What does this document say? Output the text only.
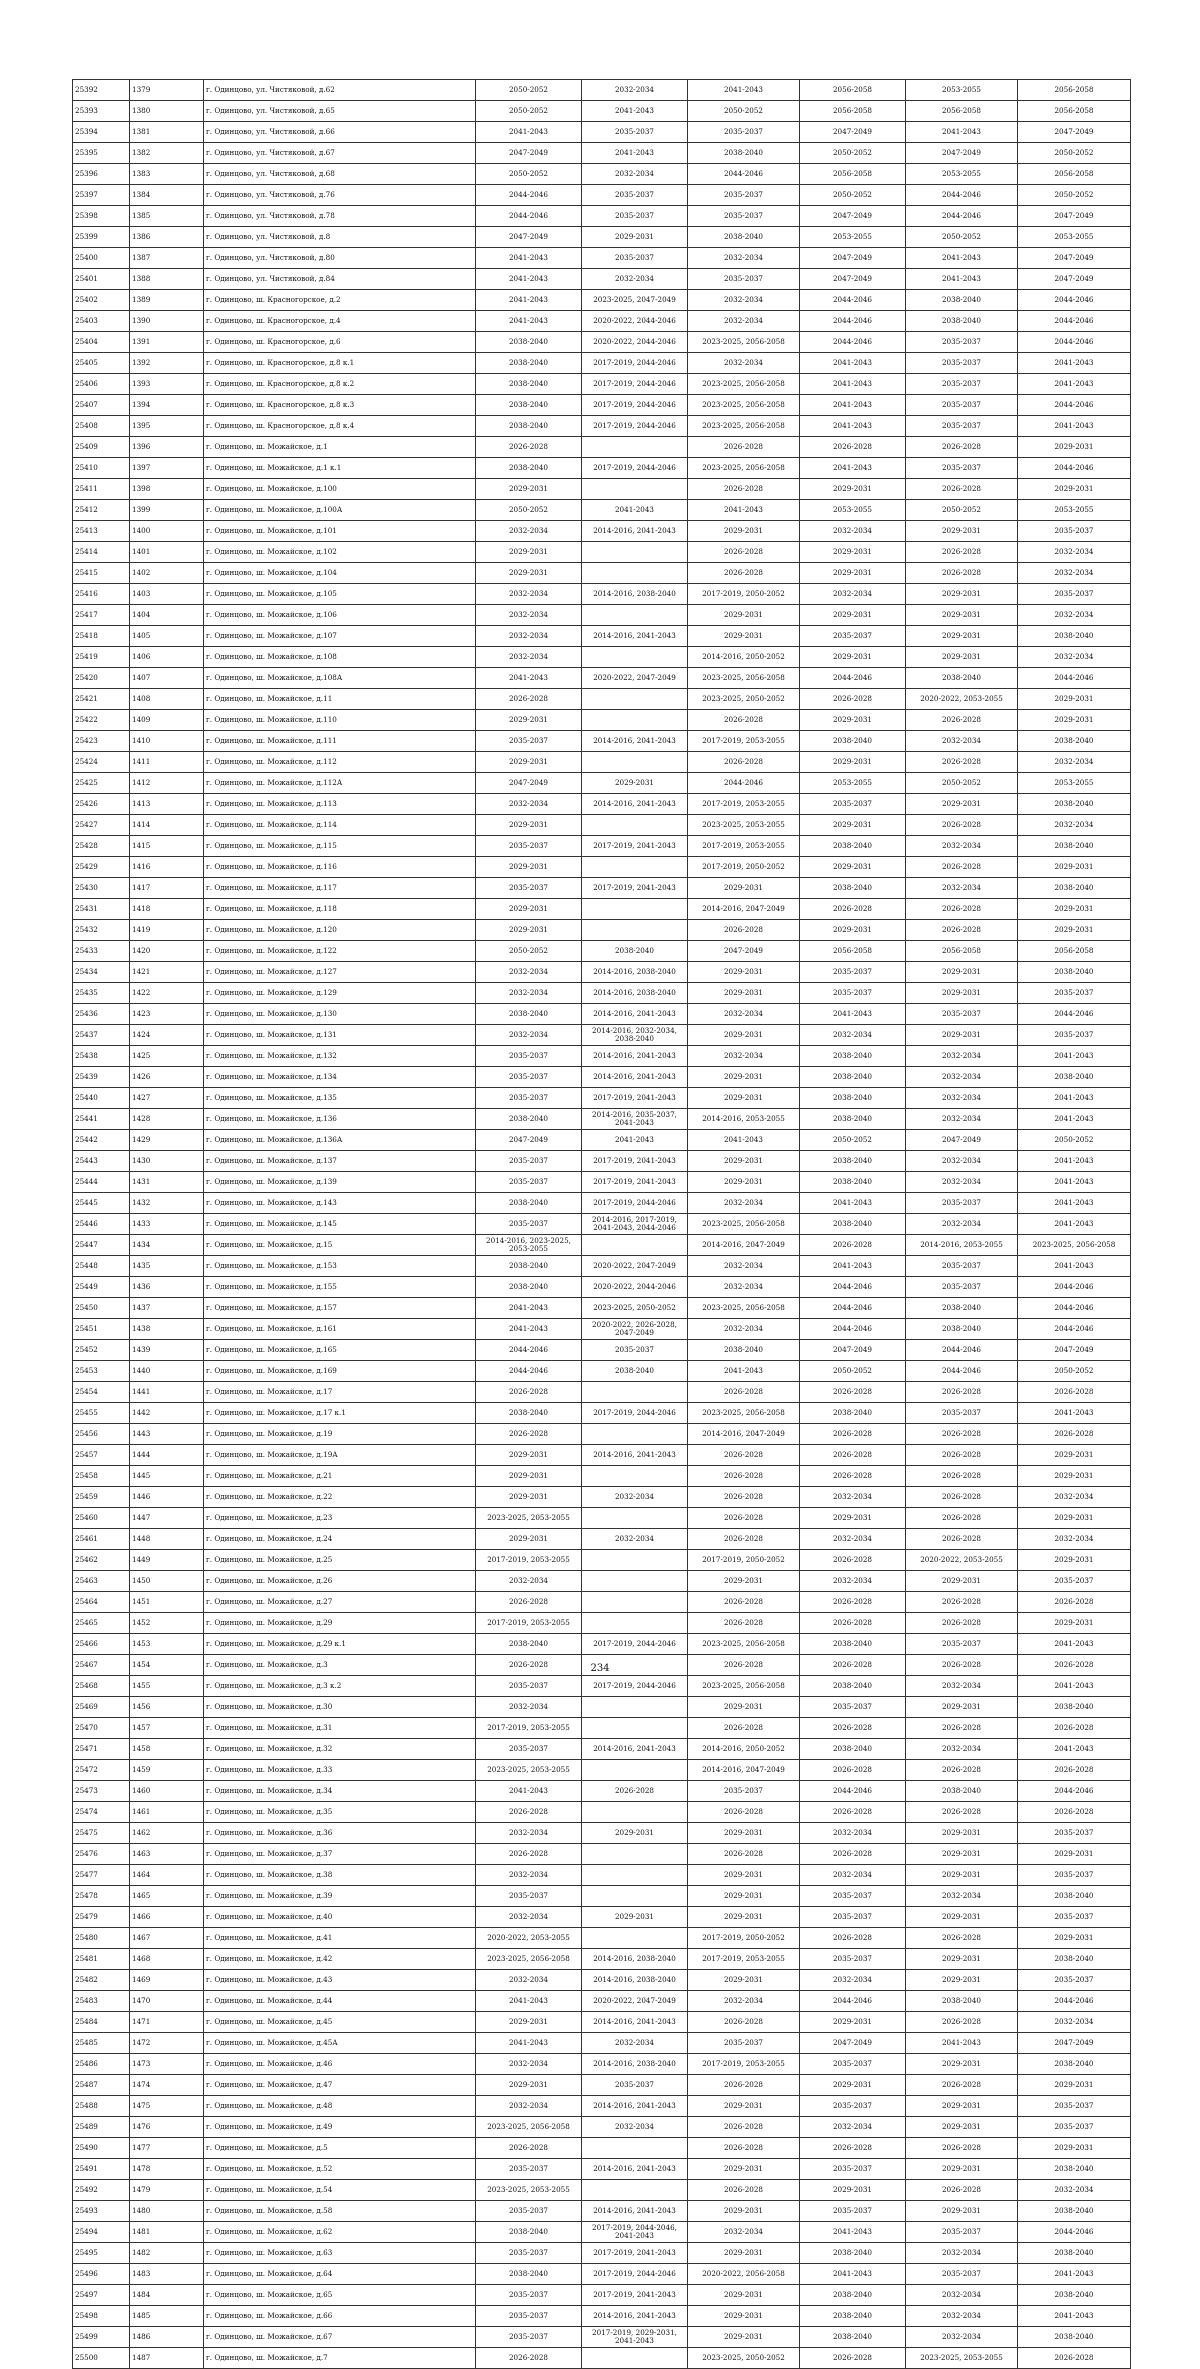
25392	1379	г. Одинцово, ул. Чистяковой, д.62	2050-2052	2032-2034	2041-2043	2056-2058	2053-2055	2056-2058
25393	1380	г. Одинцово, ул. Чистяковой, д.65	2050-2052	2041-2043	2050-2052	2056-2058	2056-2058	2056-2058
25394	1381	г. Одинцово, ул. Чистяковой, д.66	2041-2043	2035-2037	2035-2037	2047-2049	2041-2043	2047-2049
25395	1382	г. Одинцово, ул. Чистяковой, д.67	2047-2049	2041-2043	2038-2040	2050-2052	2047-2049	2050-2052
25396	1383	г. Одинцово, ул. Чистяковой, д.68	2050-2052	2032-2034	2044-2046	2056-2058	2053-2055	2056-2058
25397	1384	г. Одинцово, ул. Чистяковой, д.76	2044-2046	2035-2037	2035-2037	2050-2052	2044-2046	2050-2052
25398	1385	г. Одинцово, ул. Чистяковой, д.78	2044-2046	2035-2037	2035-2037	2047-2049	2044-2046	2047-2049
25399	1386	г. Одинцово, ул. Чистяковой, д.8	2047-2049	2029-2031	2038-2040	2053-2055	2050-2052	2053-2055
25400	1387	г. Одинцово, ул. Чистяковой, д.80	2041-2043	2035-2037	2032-2034	2047-2049	2041-2043	2047-2049
25401	1388	г. Одинцово, ул. Чистяковой, д.84	2041-2043	2032-2034	2035-2037	2047-2049	2041-2043	2047-2049
25402	1389	г. Одинцово, ш. Красногорское, д.2	2041-2043	2023-2025, 2047-2049	2032-2034	2044-2046	2038-2040	2044-2046
25403	1390	г. Одинцово, ш. Красногорское, д.4	2041-2043	2020-2022, 2044-2046	2032-2034	2044-2046	2038-2040	2044-2046
25404	1391	г. Одинцово, ш. Красногорское, д.6	2038-2040	2020-2022, 2044-2046	2023-2025, 2056-2058	2044-2046	2035-2037	2044-2046
25405	1392	г. Одинцово, ш. Красногорское, д.8 к.1	2038-2040	2017-2019, 2044-2046	2032-2034	2041-2043	2035-2037	2041-2043
25406	1393	г. Одинцово, ш. Красногорское, д.8 к.2	2038-2040	2017-2019, 2044-2046	2023-2025, 2056-2058	2041-2043	2035-2037	2041-2043
25407	1394	г. Одинцово, ш. Красногорское, д.8 к.3	2038-2040	2017-2019, 2044-2046	2023-2025, 2056-2058	2041-2043	2035-2037	2044-2046
25408	1395	г. Одинцово, ш. Красногорское, д.8 к.4	2038-2040	2017-2019, 2044-2046	2023-2025, 2056-2058	2041-2043	2035-2037	2041-2043
25409	1396	г. Одинцово, ш. Можайское, д.1	2026-2028		2026-2028	2026-2028	2026-2028	2029-2031
25410	1397	г. Одинцово, ш. Можайское, д.1 к.1	2038-2040	2017-2019, 2044-2046	2023-2025, 2056-2058	2041-2043	2035-2037	2044-2046
25411	1398	г. Одинцово, ш. Можайское, д.100	2029-2031		2026-2028	2029-2031	2026-2028	2029-2031
25412	1399	г. Одинцово, ш. Можайское, д.100А	2050-2052	2041-2043	2041-2043	2053-2055	2050-2052	2053-2055
25413	1400	г. Одинцово, ш. Можайское, д.101	2032-2034	2014-2016, 2041-2043	2029-2031	2032-2034	2029-2031	2035-2037
25414	1401	г. Одинцово, ш. Можайское, д.102	2029-2031		2026-2028	2029-2031	2026-2028	2032-2034
25415	1402	г. Одинцово, ш. Можайское, д.104	2029-2031		2026-2028	2029-2031	2026-2028	2032-2034
25416	1403	г. Одинцово, ш. Можайское, д.105	2032-2034	2014-2016, 2038-2040	2017-2019, 2050-2052	2032-2034	2029-2031	2035-2037
25417	1404	г. Одинцово, ш. Можайское, д.106	2032-2034		2029-2031	2029-2031	2029-2031	2032-2034
25418	1405	г. Одинцово, ш. Можайское, д.107	2032-2034	2014-2016, 2041-2043	2029-2031	2035-2037	2029-2031	2038-2040
25419	1406	г. Одинцово, ш. Можайское, д.108	2032-2034		2014-2016, 2050-2052	2029-2031	2029-2031	2032-2034
25420	1407	г. Одинцово, ш. Можайское, д.108А	2041-2043	2020-2022, 2047-2049	2023-2025, 2056-2058	2044-2046	2038-2040	2044-2046
25421	1408	г. Одинцово, ш. Можайское, д.11	2026-2028		2023-2025, 2050-2052	2026-2028	2020-2022, 2053-2055	2029-2031
25422	1409	г. Одинцово, ш. Можайское, д.110	2029-2031		2026-2028	2029-2031	2026-2028	2029-2031
25423	1410	г. Одинцово, ш. Можайское, д.111	2035-2037	2014-2016, 2041-2043	2017-2019, 2053-2055	2038-2040	2032-2034	2038-2040
25424	1411	г. Одинцово, ш. Можайское, д.112	2029-2031		2026-2028	2029-2031	2026-2028	2032-2034
25425	1412	г. Одинцово, ш. Можайское, д.112А	2047-2049	2029-2031	2044-2046	2053-2055	2050-2052	2053-2055
25426	1413	г. Одинцово, ш. Можайское, д.113	2032-2034	2014-2016, 2041-2043	2017-2019, 2053-2055	2035-2037	2029-2031	2038-2040
25427	1414	г. Одинцово, ш. Можайское, д.114	2029-2031		2023-2025, 2053-2055	2029-2031	2026-2028	2032-2034
25428	1415	г. Одинцово, ш. Можайское, д.115	2035-2037	2017-2019, 2041-2043	2017-2019, 2053-2055	2038-2040	2032-2034	2038-2040
25429	1416	г. Одинцово, ш. Можайское, д.116	2029-2031		2017-2019, 2050-2052	2029-2031	2026-2028	2029-2031
25430	1417	г. Одинцово, ш. Можайское, д.117	2035-2037	2017-2019, 2041-2043	2029-2031	2038-2040	2032-2034	2038-2040
25431	1418	г. Одинцово, ш. Можайское, д.118	2029-2031		2014-2016, 2047-2049	2026-2028	2026-2028	2029-2031
25432	1419	г. Одинцово, ш. Можайское, д.120	2029-2031		2026-2028	2029-2031	2026-2028	2029-2031
25433	1420	г. Одинцово, ш. Можайское, д.122	2050-2052	2038-2040	2047-2049	2056-2058	2056-2058	2056-2058
25434	1421	г. Одинцово, ш. Можайское, д.127	2032-2034	2014-2016, 2038-2040	2029-2031	2035-2037	2029-2031	2038-2040
25435	1422	г. Одинцово, ш. Можайское, д.129	2032-2034	2014-2016, 2038-2040	2029-2031	2035-2037	2029-2031	2035-2037
25436	1423	г. Одинцово, ш. Можайское, д.130	2038-2040	2014-2016, 2041-2043	2032-2034	2041-2043	2035-2037	2044-2046
25437	1424	г. Одинцово, ш. Можайское, д.131	2032-2034	2014-2016, 2032-2034, 2038-2040	2029-2031	2032-2034	2029-2031	2035-2037
25438	1425	г. Одинцово, ш. Можайское, д.132	2035-2037	2014-2016, 2041-2043	2032-2034	2038-2040	2032-2034	2041-2043
25439	1426	г. Одинцово, ш. Можайское, д.134	2035-2037	2014-2016, 2041-2043	2029-2031	2038-2040	2032-2034	2038-2040
25440	1427	г. Одинцово, ш. Можайское, д.135	2035-2037	2017-2019, 2041-2043	2029-2031	2038-2040	2032-2034	2041-2043
25441	1428	г. Одинцово, ш. Можайское, д.136	2038-2040	2014-2016, 2035-2037, 2041-2043	2014-2016, 2053-2055	2038-2040	2032-2034	2041-2043
25442	1429	г. Одинцово, ш. Можайское, д.136А	2047-2049	2041-2043	2041-2043	2050-2052	2047-2049	2050-2052
25443	1430	г. Одинцово, ш. Можайское, д.137	2035-2037	2017-2019, 2041-2043	2029-2031	2038-2040	2032-2034	2041-2043
25444	1431	г. Одинцово, ш. Можайское, д.139	2035-2037	2017-2019, 2041-2043	2029-2031	2038-2040	2032-2034	2041-2043
25445	1432	г. Одинцово, ш. Можайское, д.143	2038-2040	2017-2019, 2044-2046	2032-2034	2041-2043	2035-2037	2041-2043
25446	1433	г. Одинцово, ш. Можайское, д.145	2035-2037	2014-2016, 2017-2019, 2041-2043, 2044-2046	2023-2025, 2056-2058	2038-2040	2032-2034	2041-2043
25447	1434	г. Одинцово, ш. Можайское, д.15	2014-2016, 2023-2025, 2053-2055		2014-2016, 2047-2049	2026-2028	2014-2016, 2053-2055	2023-2025, 2056-2058
25448	1435	г. Одинцово, ш. Можайское, д.153	2038-2040	2020-2022, 2047-2049	2032-2034	2041-2043	2035-2037	2041-2043
25449	1436	г. Одинцово, ш. Можайское, д.155	2038-2040	2020-2022, 2044-2046	2032-2034	2044-2046	2035-2037	2044-2046
25450	1437	г. Одинцово, ш. Можайское, д.157	2041-2043	2023-2025, 2050-2052	2023-2025, 2056-2058	2044-2046	2038-2040	2044-2046
25451	1438	г. Одинцово, ш. Можайское, д.161	2041-2043	2020-2022, 2026-2028, 2047-2049	2032-2034	2044-2046	2038-2040	2044-2046
25452	1439	г. Одинцово, ш. Можайское, д.165	2044-2046	2035-2037	2038-2040	2047-2049	2044-2046	2047-2049
25453	1440	г. Одинцово, ш. Можайское, д.169	2044-2046	2038-2040	2041-2043	2050-2052	2044-2046	2050-2052
25454	1441	г. Одинцово, ш. Можайское, д.17	2026-2028		2026-2028	2026-2028	2026-2028	2026-2028
25455	1442	г. Одинцово, ш. Можайское, д.17 к.1	2038-2040	2017-2019, 2044-2046	2023-2025, 2056-2058	2038-2040	2035-2037	2041-2043
25456	1443	г. Одинцово, ш. Можайское, д.19	2026-2028		2014-2016, 2047-2049	2026-2028	2026-2028	2026-2028
25457	1444	г. Одинцово, ш. Можайское, д.19А	2029-2031	2014-2016, 2041-2043	2026-2028	2026-2028	2026-2028	2029-2031
25458	1445	г. Одинцово, ш. Можайское, д.21	2029-2031		2026-2028	2026-2028	2026-2028	2029-2031
25459	1446	г. Одинцово, ш. Можайское, д.22	2029-2031	2032-2034	2026-2028	2032-2034	2026-2028	2032-2034
25460	1447	г. Одинцово, ш. Можайское, д.23	2023-2025, 2053-2055		2026-2028	2029-2031	2026-2028	2029-2031
25461	1448	г. Одинцово, ш. Можайское, д.24	2029-2031	2032-2034	2026-2028	2032-2034	2026-2028	2032-2034
25462	1449	г. Одинцово, ш. Можайское, д.25	2017-2019, 2053-2055		2017-2019, 2050-2052	2026-2028	2020-2022, 2053-2055	2029-2031
25463	1450	г. Одинцово, ш. Можайское, д.26	2032-2034		2029-2031	2032-2034	2029-2031	2035-2037
25464	1451	г. Одинцово, ш. Можайское, д.27	2026-2028		2026-2028	2026-2028	2026-2028	2026-2028
25465	1452	г. Одинцово, ш. Можайское, д.29	2017-2019, 2053-2055		2026-2028	2026-2028	2026-2028	2029-2031
25466	1453	г. Одинцово, ш. Можайское, д.29 к.1	2038-2040	2017-2019, 2044-2046	2023-2025, 2056-2058	2038-2040	2035-2037	2041-2043
25467	1454	г. Одинцово, ш. Можайское, д.3	2026-2028		2026-2028	2026-2028	2026-2028	2026-2028
25468	1455	г. Одинцово, ш. Можайское, д.3 к.2	2035-2037	2017-2019, 2044-2046	2023-2025, 2056-2058	2038-2040	2032-2034	2041-2043
25469	1456	г. Одинцово, ш. Можайское, д.30	2032-2034		2029-2031	2035-2037	2029-2031	2038-2040
25470	1457	г. Одинцово, ш. Можайское, д.31	2017-2019, 2053-2055		2026-2028	2026-2028	2026-2028	2026-2028
25471	1458	г. Одинцово, ш. Можайское, д.32	2035-2037	2014-2016, 2041-2043	2014-2016, 2050-2052	2038-2040	2032-2034	2041-2043
25472	1459	г. Одинцово, ш. Можайское, д.33	2023-2025, 2053-2055		2014-2016, 2047-2049	2026-2028	2026-2028	2026-2028
25473	1460	г. Одинцово, ш. Можайское, д.34	2041-2043	2026-2028	2035-2037	2044-2046	2038-2040	2044-2046
25474	1461	г. Одинцово, ш. Можайское, д.35	2026-2028		2026-2028	2026-2028	2026-2028	2026-2028
25475	1462	г. Одинцово, ш. Можайское, д.36	2032-2034	2029-2031	2029-2031	2032-2034	2029-2031	2035-2037
25476	1463	г. Одинцово, ш. Можайское, д.37	2026-2028		2026-2028	2026-2028	2029-2031	2029-2031
25477	1464	г. Одинцово, ш. Можайское, д.38	2032-2034		2029-2031	2032-2034	2029-2031	2035-2037
25478	1465	г. Одинцово, ш. Можайское, д.39	2035-2037		2029-2031	2035-2037	2032-2034	2038-2040
25479	1466	г. Одинцово, ш. Можайское, д.40	2032-2034	2029-2031	2029-2031	2035-2037	2029-2031	2035-2037
25480	1467	г. Одинцово, ш. Можайское, д.41	2020-2022, 2053-2055		2017-2019, 2050-2052	2026-2028	2026-2028	2029-2031
25481	1468	г. Одинцово, ш. Можайское, д.42	2023-2025, 2056-2058	2014-2016, 2038-2040	2017-2019, 2053-2055	2035-2037	2029-2031	2038-2040
25482	1469	г. Одинцово, ш. Можайское, д.43	2032-2034	2014-2016, 2038-2040	2029-2031	2032-2034	2029-2031	2035-2037
25483	1470	г. Одинцово, ш. Можайское, д.44	2041-2043	2020-2022, 2047-2049	2032-2034	2044-2046	2038-2040	2044-2046
25484	1471	г. Одинцово, ш. Можайское, д.45	2029-2031	2014-2016, 2041-2043	2026-2028	2029-2031	2026-2028	2032-2034
25485	1472	г. Одинцово, ш. Можайское, д.45А	2041-2043	2032-2034	2035-2037	2047-2049	2041-2043	2047-2049
25486	1473	г. Одинцово, ш. Можайское, д.46	2032-2034	2014-2016, 2038-2040	2017-2019, 2053-2055	2035-2037	2029-2031	2038-2040
25487	1474	г. Одинцово, ш. Можайское, д.47	2029-2031	2035-2037	2026-2028	2029-2031	2026-2028	2029-2031
25488	1475	г. Одинцово, ш. Можайское, д.48	2032-2034	2014-2016, 2041-2043	2029-2031	2035-2037	2029-2031	2035-2037
25489	1476	г. Одинцово, ш. Можайское, д.49	2023-2025, 2056-2058	2032-2034	2026-2028	2032-2034	2029-2031	2035-2037
25490	1477	г. Одинцово, ш. Можайское, д.5	2026-2028		2026-2028	2026-2028	2026-2028	2029-2031
25491	1478	г. Одинцово, ш. Можайское, д.52	2035-2037	2014-2016, 2041-2043	2029-2031	2035-2037	2029-2031	2038-2040
25492	1479	г. Одинцово, ш. Можайское, д.54	2023-2025, 2053-2055		2026-2028	2029-2031	2026-2028	2032-2034
25493	1480	г. Одинцово, ш. Можайское, д.58	2035-2037	2014-2016, 2041-2043	2029-2031	2035-2037	2029-2031	2038-2040
25494	1481	г. Одинцово, ш. Можайское, д.62	2038-2040	2017-2019, 2044-2046, 2041-2043	2032-2034	2041-2043	2035-2037	2044-2046
25495	1482	г. Одинцово, ш. Можайское, д.63	2035-2037	2017-2019, 2041-2043	2029-2031	2038-2040	2032-2034	2038-2040
25496	1483	г. Одинцово, ш. Можайское, д.64	2038-2040	2017-2019, 2044-2046	2020-2022, 2056-2058	2041-2043	2035-2037	2041-2043
25497	1484	г. Одинцово, ш. Можайское, д.65	2035-2037	2017-2019, 2041-2043	2029-2031	2038-2040	2032-2034	2038-2040
25498	1485	г. Одинцово, ш. Можайское, д.66	2035-2037	2014-2016, 2041-2043	2029-2031	2038-2040	2032-2034	2041-2043
25499	1486	г. Одинцово, ш. Можайское, д.67	2035-2037	2017-2019, 2029-2031, 2041-2043	2029-2031	2038-2040	2032-2034	2038-2040
25500	1487	г. Одинцово, ш. Можайское, д.7	2026-2028		2023-2025, 2050-2052	2026-2028	2023-2025, 2053-2055	2026-2028
234
